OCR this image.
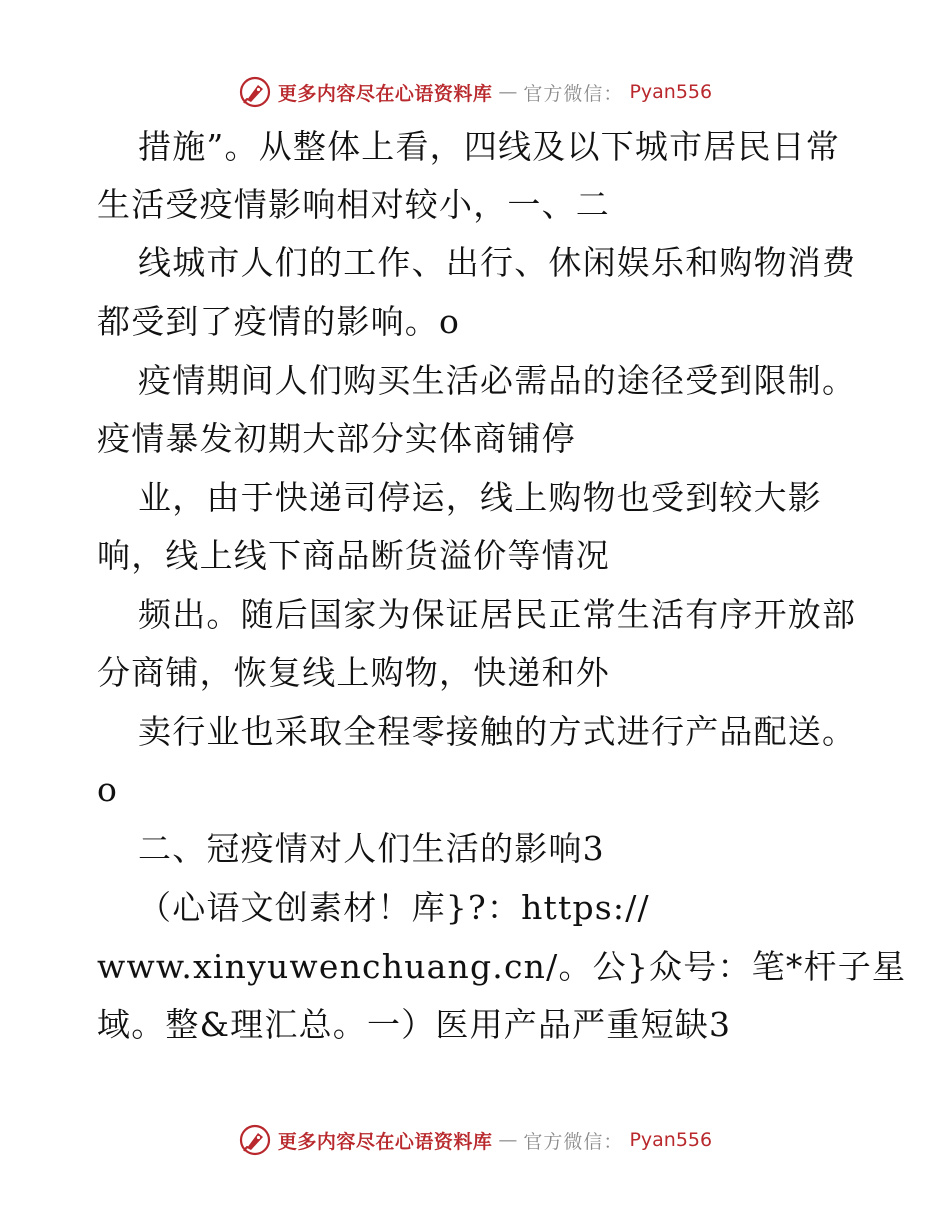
更多内容尽在心语资料库 — 官方微信： Pyan556

措施”。从整体上看，四线及以下城市居民日常

生活受疫情影响相对较小，一、二

线城市人们的工作、出行、休闲娱乐和购物消费

都受到了疫情的影响。o

疫情期间人们购买生活必需品的途径受到限制。

疫情暴发初期大部分实体商铺停

业，由于快递司停运，线上购物也受到较大影

响，线上线下商品断货溢价等情况

频出。随后国家为保证居民正常生活有序开放部

分商铺，恢复线上购物，快递和外

卖行业也采取全程零接触的方式进行产品配送。

o

二、冠疫情对人们生活的影响3

（心语文创素材！库}?：https://

www.xinyuwenchuang.cn/。公}众号：笔*杆子星

域。整&理汇总。一）医用产品严重短缺3

更多内容尽在心语资料库 — 官方微信： Pyan556
